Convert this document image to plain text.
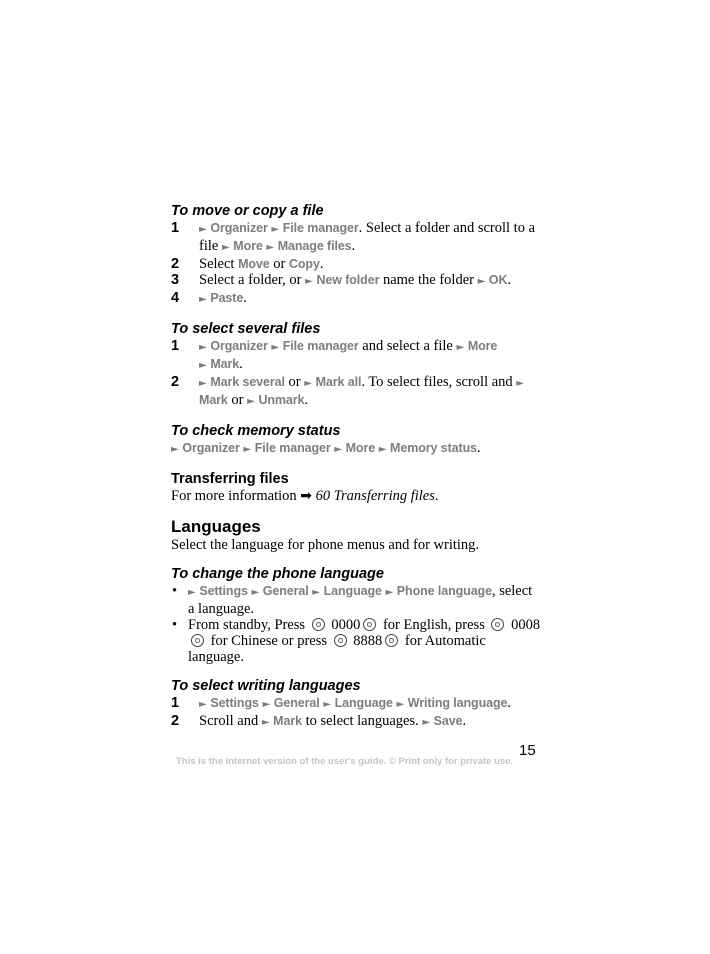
To move or copy a file
1 ► Organizer ► File manager. Select a folder and scroll to a file ► More ► Manage files.
2 Select Move or Copy.
3 Select a folder, or ► New folder name the folder ► OK.
4 ► Paste.
To select several files
1 ► Organizer ► File manager and select a file ► More
► Mark.
2 ► Mark several or ► Mark all. To select files, scroll and ► Mark or ► Unmark.
To check memory status
► Organizer ► File manager ► More ► Memory status.
Transferring files
For more information ➡ 60 Transferring files.
Languages
Select the language for phone menus and for writing.
To change the phone language
• ► Settings ► General ► Language ► Phone language, select a language.
• From standby, Press  0000 for English, press  0008 for Chinese or press  8888 for Automatic language.
To select writing languages
1 ► Settings ► General ► Language ► Writing language.
2 Scroll and ► Mark to select languages. ► Save.
15
This is the Internet version of the user's guide. © Print only for private use.
